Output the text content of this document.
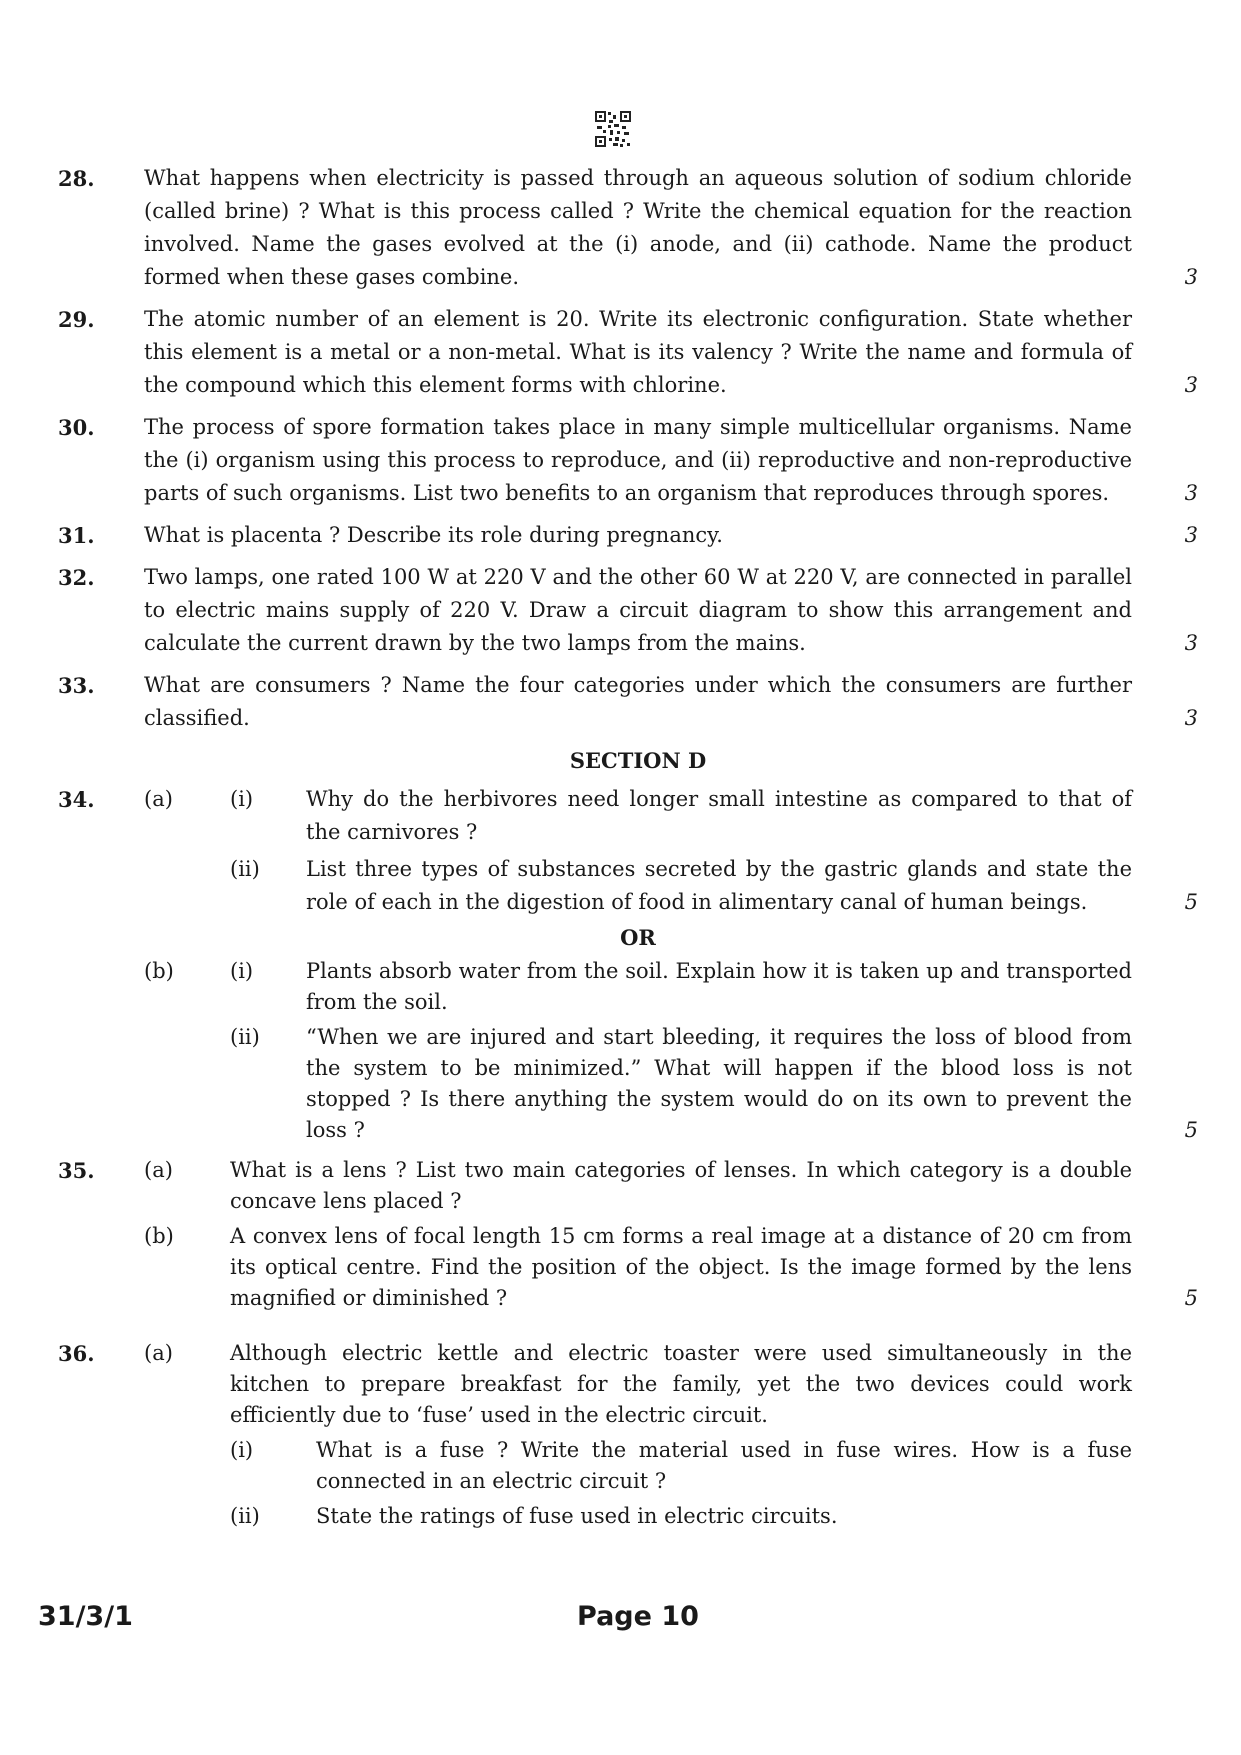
28.	What happens when electricity is passed through an aqueous solution of sodium chloride (called brine) ? What is this process called ? Write the chemical equation for the reaction involved. Name the gases evolved at the (i) anode, and (ii) cathode. Name the product formed when these gases combine.	3
29.	The atomic number of an element is 20. Write its electronic configuration. State whether this element is a metal or a non-metal. What is its valency ? Write the name and formula of the compound which this element forms with chlorine.	3
30.	The process of spore formation takes place in many simple multicellular organisms. Name the (i) organism using this process to reproduce, and (ii) reproductive and non-reproductive parts of such organisms. List two benefits to an organism that reproduces through spores.	3
31.	What is placenta ? Describe its role during pregnancy.	3
32.	Two lamps, one rated 100 W at 220 V and the other 60 W at 220 V, are connected in parallel to electric mains supply of 220 V. Draw a circuit diagram to show this arrangement and calculate the current drawn by the two lamps from the mains.	3
33.	What are consumers ? Name the four categories under which the consumers are further classified.	3
SECTION D
34.	(a)	(i)	Why do the herbivores need longer small intestine as compared to that of the carnivores ?
(ii) List three types of substances secreted by the gastric glands and state the role of each in the digestion of food in alimentary canal of human beings.	5
OR
(b)	(i)	Plants absorb water from the soil. Explain how it is taken up and transported from the soil.
(ii) “When we are injured and start bleeding, it requires the loss of blood from the system to be minimized.” What will happen if the blood loss is not stopped ? Is there anything the system would do on its own to prevent the loss ?	5
35.	(a)	What is a lens ? List two main categories of lenses. In which category is a double concave lens placed ?
(b)	A convex lens of focal length 15 cm forms a real image at a distance of 20 cm from its optical centre. Find the position of the object. Is the image formed by the lens magnified or diminished ?	5
36.	(a)	Although electric kettle and electric toaster were used simultaneously in the kitchen to prepare breakfast for the family, yet the two devices could work efficiently due to ‘fuse’ used in the electric circuit.
(i)	What is a fuse ? Write the material used in fuse wires. How is a fuse connected in an electric circuit ?
(ii)	State the ratings of fuse used in electric circuits.
31/3/1	Page 10
